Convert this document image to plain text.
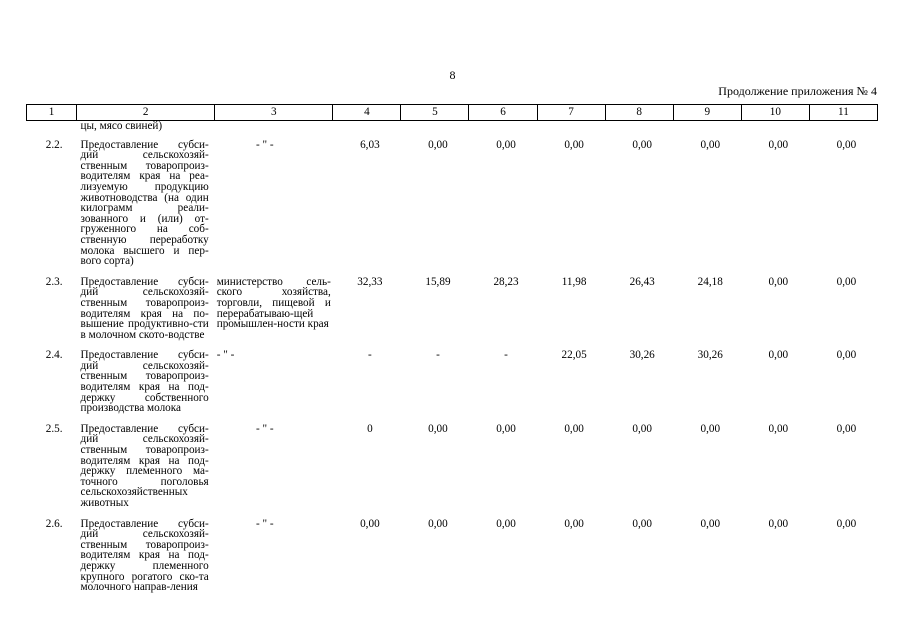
8
Продолжение приложения № 4
1	2	3	4	5	6	7	8	9	10	11
	цы, мясо свиней)									
2.2.	Предоставление субси-дий сельскохозяй-ственным товаропроиз-водителям края на реа-лизуемую продукцию животноводства (на один килограмм реали-зованного и (или) от-груженного на соб-ственную переработку молока высшего и пер-вого сорта)	- " -	6,03	0,00	0,00	0,00	0,00	0,00	0,00	0,00
2.3.	Предоставление субси-дий сельскохозяй-ственным товаропроиз-водителям края на по-вышение продуктивно-сти в молочном ското-водстве	министерство сель-ского хозяйства, торговли, пищевой и перерабатываю-щей промышлен-ности края	32,33	15,89	28,23	11,98	26,43	24,18	0,00	0,00
2.4.	Предоставление субси-дий сельскохозяй-ственным товаропроиз-водителям края на под-держку собственного производства молока	- " -	-	-	-	22,05	30,26	30,26	0,00	0,00
2.5.	Предоставление субси-дий сельскохозяй-ственным товаропроиз-водителям края на под-держку племенного ма-точного поголовья сельскохозяйственных животных	- " -	0	0,00	0,00	0,00	0,00	0,00	0,00	0,00
2.6.	Предоставление субси-дий сельскохозяй-ственным товаропроиз-водителям края на под-держку племенного крупного рогатого ско-та молочного направ-ления	- " -	0,00	0,00	0,00	0,00	0,00	0,00	0,00	0,00
